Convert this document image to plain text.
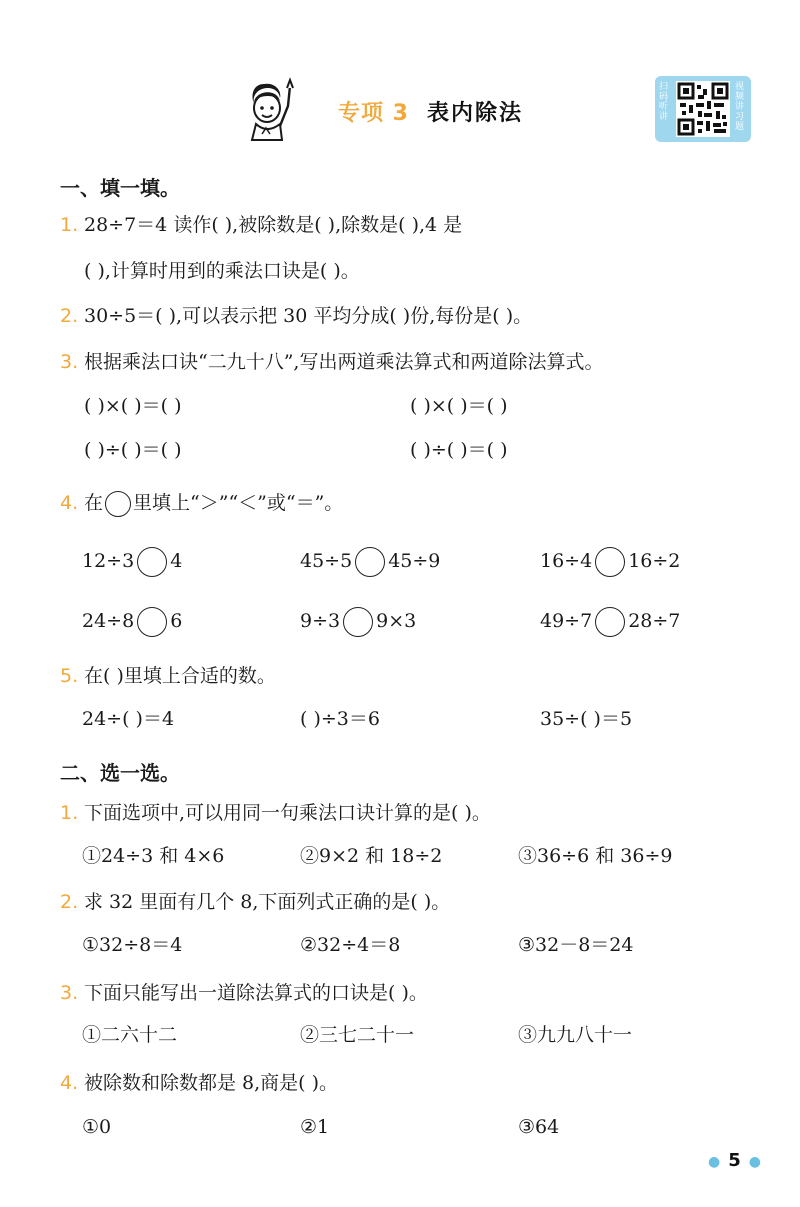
专项 3 表内除法
扫码听讲
视频讲习题
一、填一填。
1. 28÷7＝4 读作( ),被除数是( ),除数是( ),4 是
( ),计算时用到的乘法口诀是( )。
2. 30÷5＝( ),可以表示把 30 平均分成( )份,每份是( )。
3. 根据乘法口诀“二九十八”,写出两道乘法算式和两道除法算式。
( )×( )＝( )	( )×( )＝( )
( )÷( )＝( )	( )÷( )＝( )
4. 在 里填上“＞”“＜”或“＝”。
12÷3 4	45÷5 45÷9	16÷4 16÷2
24÷8 6	9÷3 9×3	49÷7 28÷7
5. 在( )里填上合适的数。
24÷( )＝4	( )÷3＝6	35÷( )＝5
二、选一选。
1. 下面选项中,可以用同一句乘法口诀计算的是( )。
①24÷3 和 4×6	②9×2 和 18÷2	③36÷6 和 36÷9
2. 求 32 里面有几个 8,下面列式正确的是( )。
①32÷8＝4	②32÷4＝8	③32－8＝24
3. 下面只能写出一道除法算式的口诀是( )。
①二六十二	②三七二十一	③九九八十一
4. 被除数和除数都是 8,商是( )。
①0	②1	③64
● 5 ●
